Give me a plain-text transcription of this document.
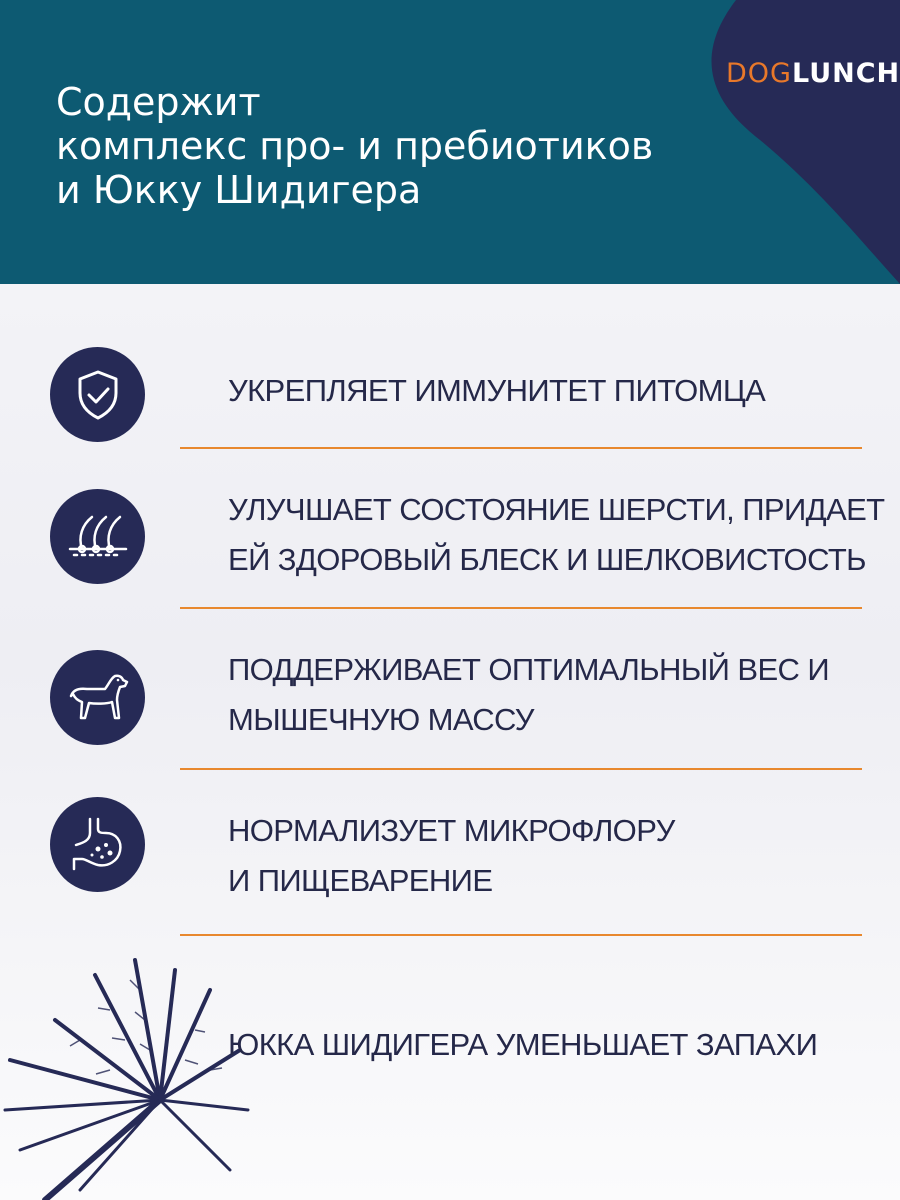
DOGLUNCH
Содержит
комплекс про- и пребиотиков
и Юкку Шидигера
УКРЕПЛЯЕТ ИММУНИТЕТ ПИТОМЦА
УЛУЧШАЕТ СОСТОЯНИЕ ШЕРСТИ, ПРИДАЕТ
ЕЙ ЗДОРОВЫЙ БЛЕСК И ШЕЛКОВИСТОСТЬ
ПОДДЕРЖИВАЕТ ОПТИМАЛЬНЫЙ ВЕС И
МЫШЕЧНУЮ МАССУ
НОРМАЛИЗУЕТ МИКРОФЛОРУ
И ПИЩЕВАРЕНИЕ
ЮККА ШИДИГЕРА УМЕНЬШАЕТ ЗАПАХИ
